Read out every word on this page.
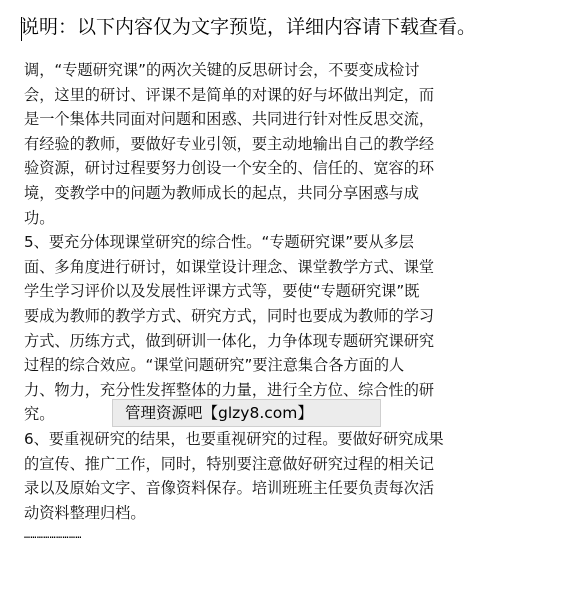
说明：以下内容仅为文字预览，详细内容请下载查看。
调，“专题研究课”的两次关键的反思研讨会，不要变成检讨
会，这里的研讨、评课不是简单的对课的好与坏做出判定，而
是一个集体共同面对问题和困惑、共同进行针对性反思交流，
有经验的教师，要做好专业引领，要主动地输出自己的教学经
验资源，研讨过程要努力创设一个安全的、信任的、宽容的环
境，变教学中的问题为教师成长的起点，共同分享困惑与成
功。
5、要充分体现课堂研究的综合性。“专题研究课”要从多层
面、多角度进行研讨，如课堂设计理念、课堂教学方式、课堂
学生学习评价以及发展性评课方式等，要使“专题研究课”既
要成为教师的教学方式、研究方式，同时也要成为教师的学习
方式、历练方式，做到研训一体化，力争体现专题研究课研究
过程的综合效应。“课堂问题研究”要注意集合各方面的人
力、物力，充分性发挥整体的力量，进行全方位、综合性的研
究。
6、要重视研究的结果，也要重视研究的过程。要做好研究成果
的宣传、推广工作，同时，特别要注意做好研究过程的相关记
录以及原始文字、音像资料保存。培训班班主任要负责每次活
动资料整理归档。
管理资源吧【glzy8.com】
………………………
